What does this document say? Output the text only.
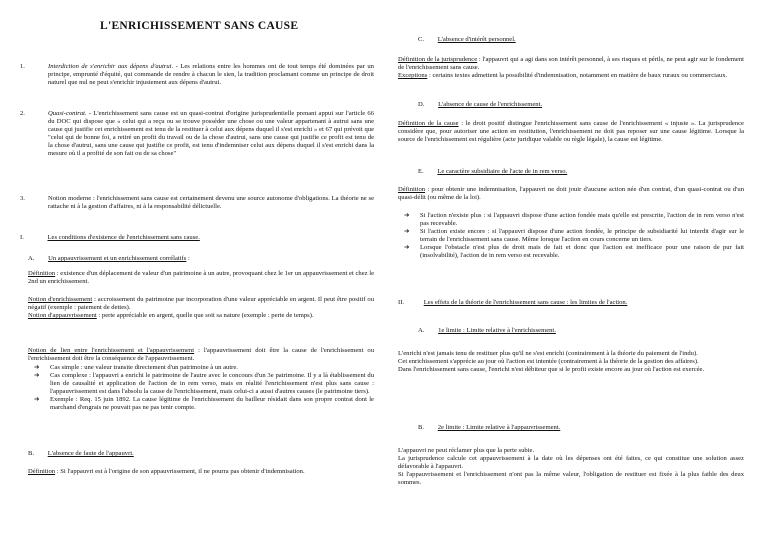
L'ENRICHISSEMENT SANS CAUSE
1.	Interdiction de s'enrichir aux dépens d'autrui. - Les relations entre les hommes ont de tout temps été dominées par un principe, emprunté d'équité, qui commande de rendre à chacun le sien, la tradition proclamant comme un principe de droit naturel que nul ne peut s'enrichir injustement aux dépens d'autrui.

2.	Quasi-contrat. - L'enrichissement sans cause est un quasi-contrat d'origine jurisprudentielle prenant appui sur l'article 66 du DOC qui dispose que « celui qui a reçu ou se trouve posséder une chose ou une valeur appartenant à autrui sans une cause qui justifie cet enrichissement est tenu de la restituer à celui aux dépens duquel il s'est enrichi » et 67 qui prévoit que "celui qui de bonne foi, a retiré un profit du travail ou de la chose d'autrui, sans une cause qui justifie ce profit est tenu de la chose d'autrui, sans une cause qui justifie ce profit, est tenu d'indemniser celui aux dépens duquel il s'est enrichi dans la mesure où il a profité de son fait ou de sa chose"

3.	Notion moderne : l'enrichissement sans cause est certainement devenu une source autonome d'obligations. La théorie ne se rattache ni à la gestion d'affaires, ni à la responsabilité délictuelle.

I.	Les conditions d'existence de l'enrichissement sans cause.
A. Un appauvrissement et un enrichissement corrélatifs :

Définition : existence d'un déplacement de valeur d'un patrimoine à un autre, provoquant chez le 1er un appauvrissement et chez le 2nd un enrichissement.

Notion d'enrichissement : accroissement du patrimoine par incorporation d'une valeur appréciable en argent. Il peut être positif ou négatif (exemple : paiement de dettes).

Notion d'appauvrissement : perte appréciable en argent, quelle que soit sa nature (exemple : perte de temps).

Notion de lien entre l'enrichissement et l'appauvrissement : l'appauvrissement doit être la cause de l'enrichissement ou l'enrichissement doit être la conséquence de l'appauvrissement.

➔ Cas simple : une valeur transite directement d'un patrimoine à un autre.
➔ Cas complexe : l'appauvri a enrichi le patrimoine de l'autre avec le concours d'un 3e patrimoine. Il y a là établissement du lien de causalité et application de l'action de in rem verso, mais en réalité l'enrichissement n'est plus sans cause : l'appauvrissement est dans l'absolu la cause de l'enrichissement, mais celui-ci a aussi d'autres causes (le patrimoine tiers).
➔ Exemple : Req. 15 juin 1892. La cause légitime de l'enrichissement du bailleur résidait dans son propre contrat dont le marchand d'engrais ne pouvait pas ne pas tenir compte.
B. L'absence de faute de l'appauvri.

Définition : Si l'appauvri est à l'origine de son appauvrissement, il ne pourra pas obtenir d'indemnisation.

C. L'absence d'intérêt personnel.

Définition de la jurisprudence : l'appauvri qui a agi dans son intérêt personnel, à ses risques et périls, ne peut agir sur le fondement de l'enrichissement sans cause.

Exceptions : certains textes admettent la possibilité d'indemnisation, notamment en matière de baux ruraux ou commerciaux.

D. L'absence de cause de l'enrichissement.

Définition de la cause : le droit positif distingue l'enrichissement sans cause de l'enrichissement « injuste ». La jurisprudence considère que, pour autoriser une action en restitution, l'enrichissement ne doit pas reposer sur une cause légitime. Lorsque la source de l'enrichissement est régulière (acte juridique valable ou règle légale), la cause est légitime.

E. Le caractère subsidiaire de l'acte de in rem verso.

Définition : pour obtenir une indemnisation, l'appauvri ne doit jouir d'aucune action née d'un contrat, d'un quasi-contrat ou d'un quasi-délit (ou même de la loi).

➔ Si l'action n'existe plus : si l'appauvri dispose d'une action fondée mais qu'elle est prescrite, l'action de in rem verso n'est pas recevable.
➔ Si l'action existe encore : si l'appauvri dispose d'une action fondée, le principe de subsidiarité lui interdit d'agir sur le terrain de l'enrichissement sans cause. Même lorsque l'action en cours concerne un tiers.
➔ Lorsque l'obstacle n'est plus de droit mais de fait et donc que l'action est inefficace pour une raison de pur fait (insolvabilité), l'action de in rem verso est recevable.
II.	Les effets de la théorie de l'enrichissement sans cause : les limites de l'action.
A. 1e limite : Limite relative à l'enrichissement.

L'enrichi n'est jamais tenu de restituer plus qu'il ne s'est enrichi (contrairement à la théorie du paiement de l'indu).

Cet enrichissement s'apprécie au jour où l'action est intentée (contrairement à la théorie de la gestion des affaires).

Dans l'enrichissement sans cause, l'enrichi n'est débiteur que si le profit existe encore au jour où l'action est exercée.

B. 2e limite : Limite relative à l'appauvrissement.

L'appauvri ne peut réclamer plus que la perte subie.

La jurisprudence calcule cet appauvrissement à la date où les dépenses ont été faites, ce qui constitue une solution assez défavorable à l'appauvri.

Si l'appauvrissement et l'enrichissement n'ont pas la même valeur, l'obligation de restituer est fixée à la plus faible des deux sommes.
